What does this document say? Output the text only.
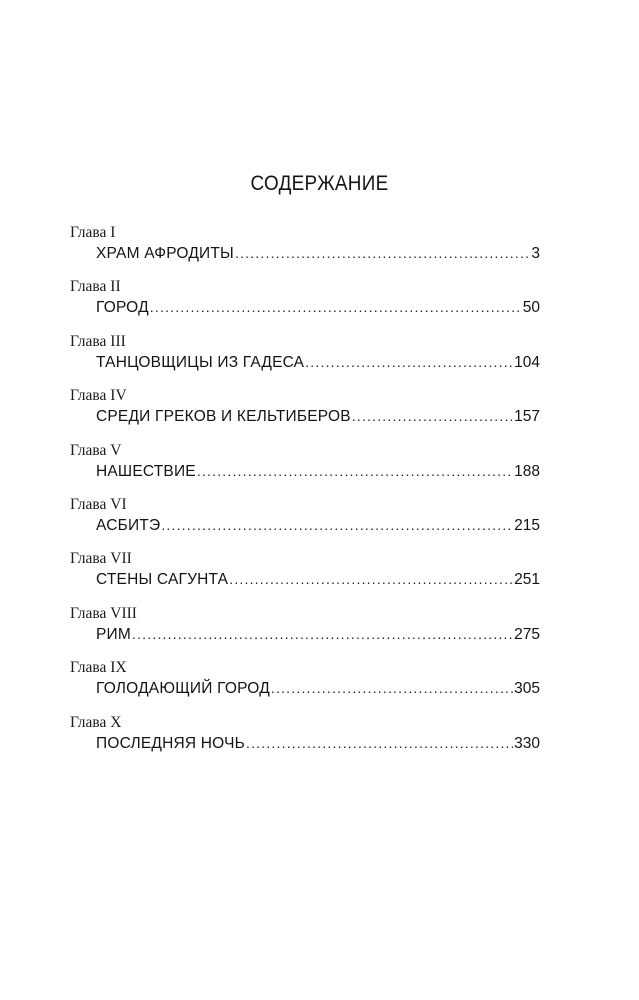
СОДЕРЖАНИЕ
Глава I
ХРАМ АФРОДИТЫ .....	3
Глава II
ГОРОД .....	50
Глава III
ТАНЦОВЩИЦЫ ИЗ ГАДЕСА .....	104
Глава IV
СРЕДИ ГРЕКОВ И КЕЛЬТИБЕРОВ .....	157
Глава V
НАШЕСТВИЕ .....	188
Глава VI
АСБИТЭ .....	215
Глава VII
СТЕНЫ САГУНТА .....	251
Глава VIII
РИМ .....	275
Глава IX
ГОЛОДАЮЩИЙ ГОРОД .....	305
Глава X
ПОСЛЕДНЯЯ НОЧЬ .....	330
